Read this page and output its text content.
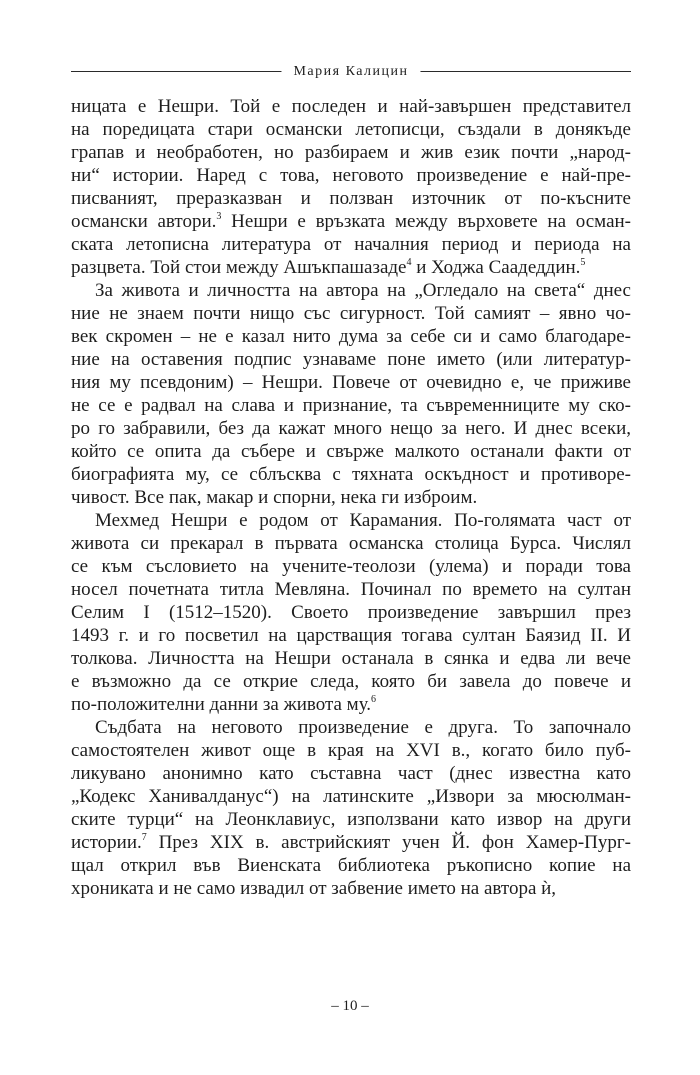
Мария Калицин
ницата е Нешри. Той е последен и най-завършен представител
на поредицата стари османски летописци, създали в донякъде
грапав и необработен, но разбираем и жив език почти „народ-
ни“ истории. Наред с това, неговото произведение е най-пре-
писваният, преразказван и ползван източник от по-късните
османски автори.$^3$ Нешри е връзката между върховете на осман-
ската летописна литература от началния период и периода на
разцвета. Той стои между Ашъкпашазаде$^4$ и Ходжа Саадеддин.$^5$
За живота и личността на автора на „Огледало на света“ днес
ние не знаем почти нищо със сигурност. Той самият – явно чо-
век скромен – не е казал нито дума за себе си и само благодаре-
ние на оставения подпис узнаваме поне името (или литератур-
ния му псевдоним) – Нешри. Повече от очевидно е, че приживе
не се е радвал на слава и признание, та съвременниците му ско-
ро го забравили, без да кажат много нещо за него. И днес всеки,
който се опита да събере и свърже малкото останали факти от
биографията му, се сблъсква с тяхната оскъдност и противоре-
чивост. Все пак, макар и спорни, нека ги изброим.
Мехмед Нешри е родом от Карамания. По-голямата част от
живота си прекарал в първата османска столица Бурса. Числял
се към съсловието на учените-теолози (улема) и поради това
носел почетната титла Мевляна. Починал по времето на султан
Селим I (1512–1520). Своето произведение завършил през
1493 г. и го посветил на царстващия тогава султан Баязид II. И
толкова. Личността на Нешри останала в сянка и едва ли вече
е възможно да се открие следа, която би завела до повече и
по-положителни данни за живота му.$^6$
Съдбата на неговото произведение е друга. То започнало
самостоятелен живот още в края на XVI в., когато било пуб-
ликувано анонимно като съставна част (днес известна като
„Кодекс Ханивалданус“) на латинските „Извори за мюсюлман-
ските турци“ на Леонклавиус, използвани като извор на други
истории.$^7$ През XIX в. австрийският учен Й. фон Хамер-Пург-
щал открил във Виенската библиотека ръкописно копие на
хрониката и не само извадил от забвение името на автора ѝ,
– 10 –
